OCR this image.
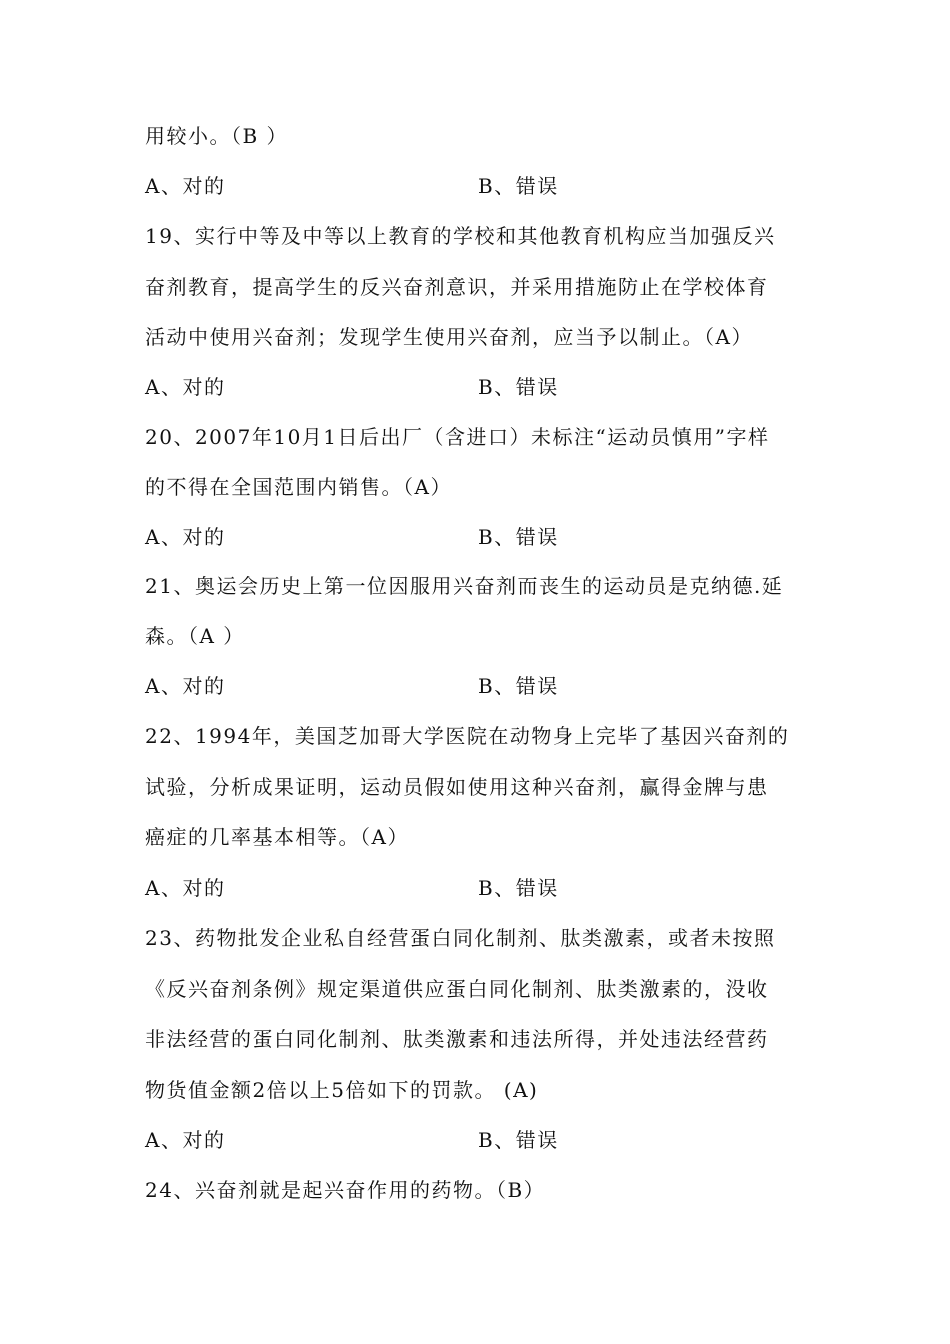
用较小。（B ）
A、对的	B、错误
19、实行中等及中等以上教育的学校和其他教育机构应当加强反兴
奋剂教育，提高学生的反兴奋剂意识，并采用措施防止在学校体育
活动中使用兴奋剂；发现学生使用兴奋剂，应当予以制止。（A）
A、对的	B、错误
20、2007年10月1日后出厂（含进口）未标注“运动员慎用”字样
的不得在全国范围内销售。（A）
A、对的	B、错误
21、奥运会历史上第一位因服用兴奋剂而丧生的运动员是克纳德.延
森。（A ）
A、对的	B、错误
22、1994年，美国芝加哥大学医院在动物身上完毕了基因兴奋剂的
试验，分析成果证明，运动员假如使用这种兴奋剂，赢得金牌与患
癌症的几率基本相等。（A）
A、对的	B、错误
23、药物批发企业私自经营蛋白同化制剂、肽类激素，或者未按照
《反兴奋剂条例》规定渠道供应蛋白同化制剂、肽类激素的，没收
非法经营的蛋白同化制剂、肽类激素和违法所得，并处违法经营药
物货值金额2倍以上5倍如下的罚款。 (A)
A、对的	B、错误
24、兴奋剂就是起兴奋作用的药物。（B）
